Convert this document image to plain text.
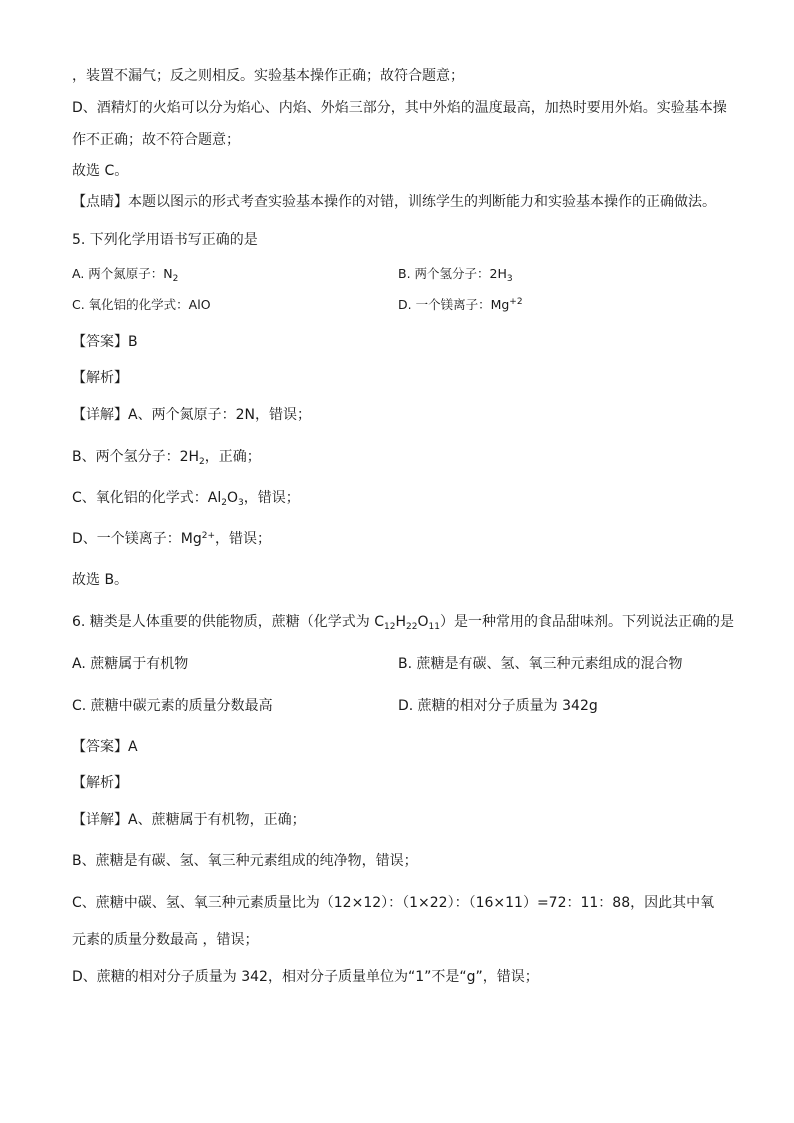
，装置不漏气；反之则相反。实验基本操作正确；故符合题意；
D、酒精灯的火焰可以分为焰心、内焰、外焰三部分，其中外焰的温度最高，加热时要用外焰。实验基本操
作不正确；故不符合题意；
故选 C。
【点睛】本题以图示的形式考查实验基本操作的对错，训练学生的判断能力和实验基本操作的正确做法。
5. 下列化学用语书写正确的是
A. 两个氮原子：$N_2$	B. 两个氢分子：$2H_3$
C. 氧化铝的化学式：AlO	D. 一个镁离子：$Mg^{+2}$
【答案】B
【解析】
【详解】A、两个氮原子：2N，错误；
B、两个氢分子：$2H_2$，正确；
C、氧化铝的化学式：$Al_2O_3$，错误；
D、一个镁离子：$Mg^{2+}$，错误；
故选 B。
6. 糖类是人体重要的供能物质，蔗糖（化学式为 $C_{12}H_{22}O_{11}$）是一种常用的食品甜味剂。下列说法正确的是
A. 蔗糖属于有机物	B. 蔗糖是有碳、氢、氧三种元素组成的混合物
C. 蔗糖中碳元素的质量分数最高	D. 蔗糖的相对分子质量为 342g
【答案】A
【解析】
【详解】A、蔗糖属于有机物，正确；
B、蔗糖是有碳、氢、氧三种元素组成的纯净物，错误；
C、蔗糖中碳、氢、氧三种元素质量比为（12×12）：（1×22）：（16×11）=72：11：88，因此其中氧
元素的质量分数最高 ，错误；
D、蔗糖的相对分子质量为 342，相对分子质量单位为“1”不是“g”，错误；
